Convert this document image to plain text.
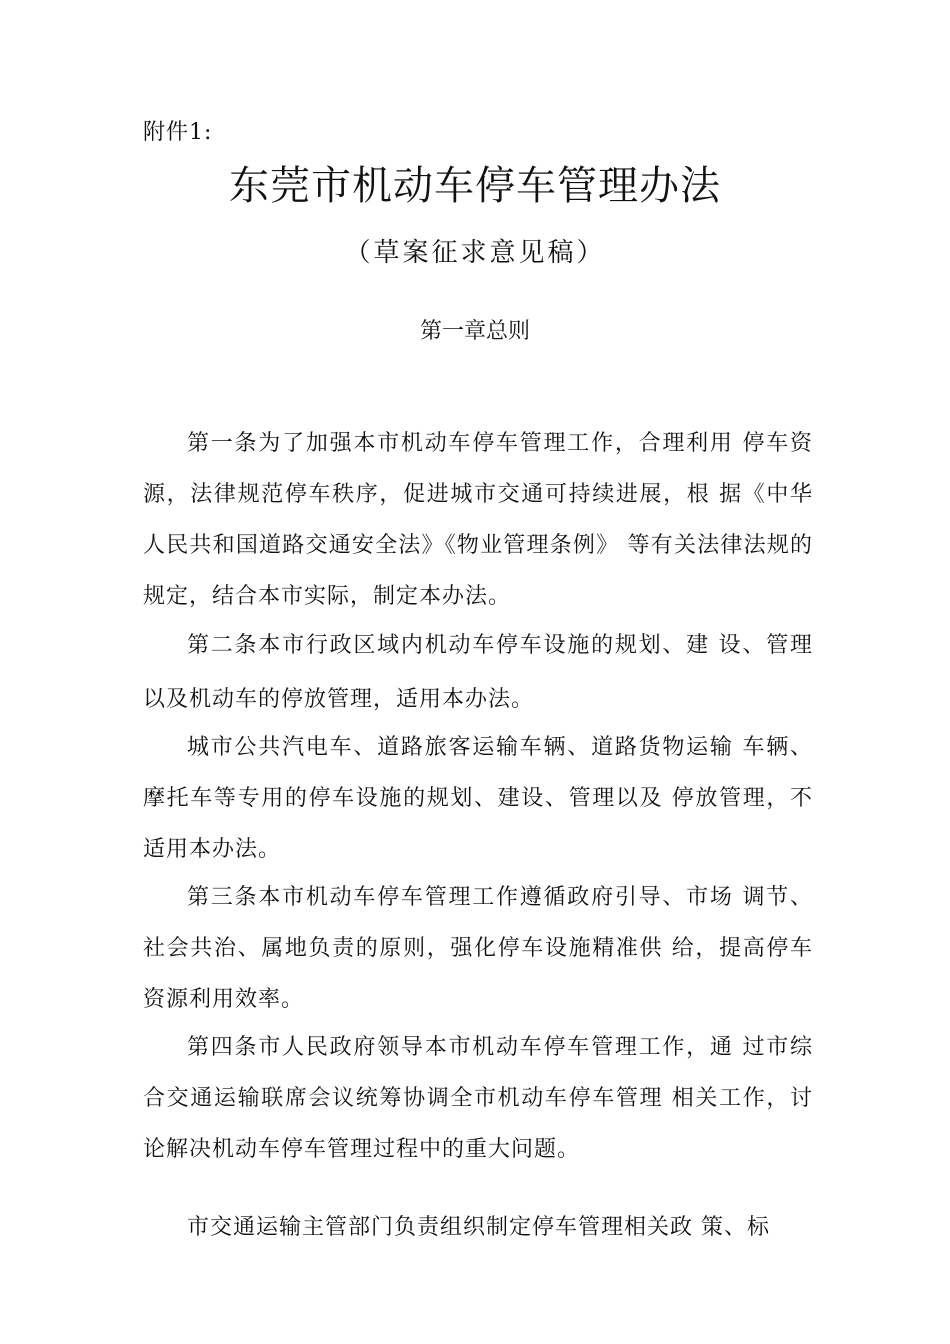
附件1:
东莞市机动车停车管理办法
（草案征求意见稿）
第一章总则

第一条为了加强本市机动车停车管理工作，合理利用 停车资源，法律规范停车秩序，促进城市交通可持续进展，根 据《中华人民共和国道路交通安全法》《物业管理条例》 等有关法律法规的规定，结合本市实际，制定本办法。

第二条本市行政区域内机动车停车设施的规划、建 设、管理以及机动车的停放管理，适用本办法。

城市公共汽电车、道路旅客运输车辆、道路货物运输 车辆、摩托车等专用的停车设施的规划、建设、管理以及 停放管理，不适用本办法。

第三条本市机动车停车管理工作遵循政府引导、市场 调节、社会共治、属地负责的原则，强化停车设施精准供 给，提高停车资源利用效率。

第四条市人民政府领导本市机动车停车管理工作，通 过市综合交通运输联席会议统筹协调全市机动车停车管理 相关工作，讨论解决机动车停车管理过程中的重大问题。

市交通运输主管部门负责组织制定停车管理相关政 策、标
